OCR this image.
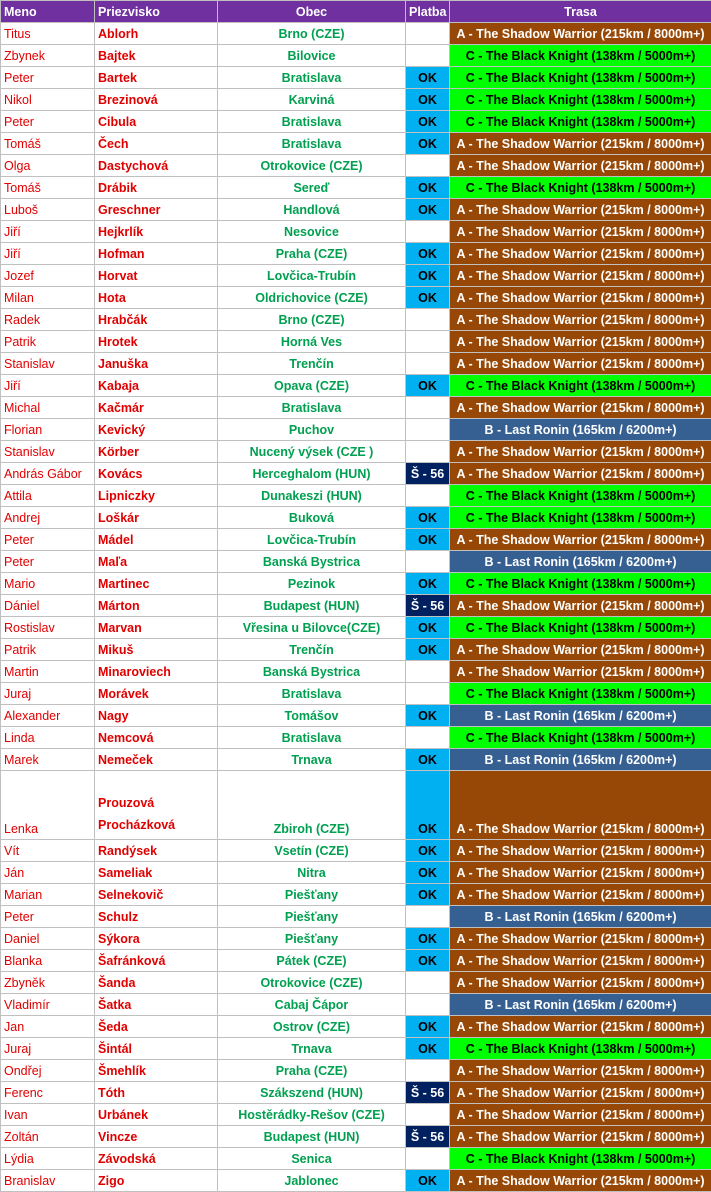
Meno	Priezvisko	Obec	Platba	Trasa
Titus	Ablorh	Brno (CZE)		A - The Shadow Warrior (215km / 8000m+)
Zbynek	Bajtek	Bilovice		C - The Black Knight (138km / 5000m+)
Peter	Bartek	Bratislava	OK	C - The Black Knight (138km / 5000m+)
Nikol	Brezinová	Karviná	OK	C - The Black Knight (138km / 5000m+)
Peter	Cibula	Bratislava	OK	C - The Black Knight (138km / 5000m+)
Tomáš	Čech	Bratislava	OK	A - The Shadow Warrior (215km / 8000m+)
Olga	Dastychová	Otrokovice (CZE)		A - The Shadow Warrior (215km / 8000m+)
Tomáš	Drábik	Sereď	OK	C - The Black Knight (138km / 5000m+)
Luboš	Greschner	Handlová	OK	A - The Shadow Warrior (215km / 8000m+)
Jiří	Hejkrlík	Nesovice		A - The Shadow Warrior (215km / 8000m+)
Jiří	Hofman	Praha (CZE)	OK	A - The Shadow Warrior (215km / 8000m+)
Jozef	Horvat	Lovčica-Trubín	OK	A - The Shadow Warrior (215km / 8000m+)
Milan	Hota	Oldrichovice (CZE)	OK	A - The Shadow Warrior (215km / 8000m+)
Radek	Hrabčák	Brno (CZE)		A - The Shadow Warrior (215km / 8000m+)
Patrik	Hrotek	Horná Ves		A - The Shadow Warrior (215km / 8000m+)
Stanislav	Januška	Trenčín		A - The Shadow Warrior (215km / 8000m+)
Jiří	Kabaja	Opava (CZE)	OK	C - The Black Knight (138km / 5000m+)
Michal	Kačmár	Bratislava		A - The Shadow Warrior (215km / 8000m+)
Florian	Kevický	Puchov		B - Last Ronin (165km / 6200m+)
Stanislav	Körber	Nucený výsek (CZE )		A - The Shadow Warrior (215km / 8000m+)
András Gábor	Kovács	Herceghalom (HUN)	Š - 56	A - The Shadow Warrior (215km / 8000m+)
Attila	Lipniczky	Dunakeszi (HUN)		C - The Black Knight (138km / 5000m+)
Andrej	Loškár	Buková	OK	C - The Black Knight (138km / 5000m+)
Peter	Mádel	Lovčica-Trubín	OK	A - The Shadow Warrior (215km / 8000m+)
Peter	Maľa	Banská Bystrica		B - Last Ronin (165km / 6200m+)
Mario	Martinec	Pezinok	OK	C - The Black Knight (138km / 5000m+)
Dániel	Márton	Budapest (HUN)	Š - 56	A - The Shadow Warrior (215km / 8000m+)
Rostislav	Marvan	Vřesina u Bilovce(CZE)	OK	C - The Black Knight (138km / 5000m+)
Patrik	Mikuš	Trenčín	OK	A - The Shadow Warrior (215km / 8000m+)
Martin	Minaroviech	Banská Bystrica		A - The Shadow Warrior (215km / 8000m+)
Juraj	Morávek	Bratislava		C - The Black Knight (138km / 5000m+)
Alexander	Nagy	Tomášov	OK	B - Last Ronin (165km / 6200m+)
Linda	Nemcová	Bratislava		C - The Black Knight (138km / 5000m+)
Marek	Nemeček	Trnava	OK	B - Last Ronin (165km / 6200m+)
Lenka	Prouzová Procházková	Zbiroh (CZE)	OK	A - The Shadow Warrior (215km / 8000m+)
Vít	Randýsek	Vsetín (CZE)	OK	A - The Shadow Warrior (215km / 8000m+)
Ján	Sameliak	Nitra	OK	A - The Shadow Warrior (215km / 8000m+)
Marian	Selnekovič	Piešťany	OK	A - The Shadow Warrior (215km / 8000m+)
Peter	Schulz	Piešťany		B - Last Ronin (165km / 6200m+)
Daniel	Sýkora	Piešťany	OK	A - The Shadow Warrior (215km / 8000m+)
Blanka	Šafránková	Pátek (CZE)	OK	A - The Shadow Warrior (215km / 8000m+)
Zbyněk	Šanda	Otrokovice (CZE)		A - The Shadow Warrior (215km / 8000m+)
Vladimír	Šatka	Cabaj Čápor		B - Last Ronin (165km / 6200m+)
Jan	Šeda	Ostrov (CZE)	OK	A - The Shadow Warrior (215km / 8000m+)
Juraj	Šintál	Trnava	OK	C - The Black Knight (138km / 5000m+)
Ondřej	Šmehlík	Praha (CZE)		A - The Shadow Warrior (215km / 8000m+)
Ferenc	Tóth	Szákszend (HUN)	Š - 56	A - The Shadow Warrior (215km / 8000m+)
Ivan	Urbánek	Hostěrádky-Rešov (CZE)		A - The Shadow Warrior (215km / 8000m+)
Zoltán	Vincze	Budapest (HUN)	Š - 56	A - The Shadow Warrior (215km / 8000m+)
Lýdia	Závodská	Senica		C - The Black Knight (138km / 5000m+)
Branislav	Zigo	Jablonec	OK	A - The Shadow Warrior (215km / 8000m+)
